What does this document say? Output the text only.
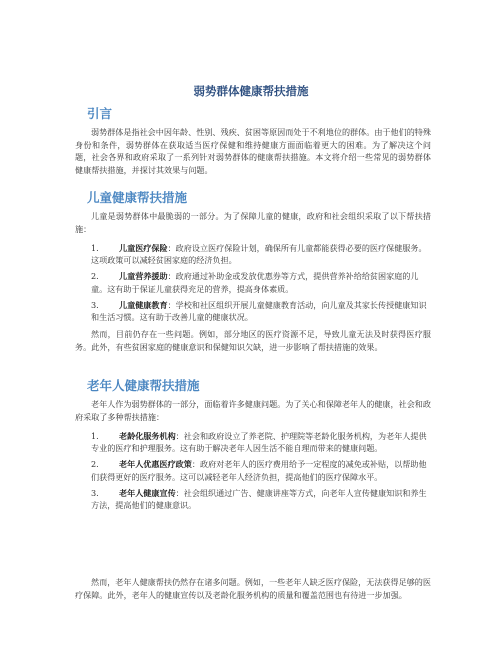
弱势群体健康帮扶措施
引言

弱势群体是指社会中因年龄、性别、残疾、贫困等原因而处于不利地位的群体。由于他们的特殊身份和条件，弱势群体在获取适当医疗保健和维持健康方面面临着更大的困难。为了解决这个问题，社会各界和政府采取了一系列针对弱势群体的健康帮扶措施。本文将介绍一些常见的弱势群体健康帮扶措施，并探讨其效果与问题。

儿童健康帮扶措施

儿童是弱势群体中最脆弱的一部分。为了保障儿童的健康，政府和社会组织采取了以下帮扶措施：

1.	儿童医疗保险：政府设立医疗保险计划，确保所有儿童都能获得必要的医疗保健服务。这项政策可以减轻贫困家庭的经济负担。
2.	儿童营养援助：政府通过补助金或发放优惠券等方式，提供营养补给给贫困家庭的儿童。这有助于保证儿童获得充足的营养，提高身体素质。
3.	儿童健康教育：学校和社区组织开展儿童健康教育活动，向儿童及其家长传授健康知识和生活习惯。这有助于改善儿童的健康状况。

然而，目前仍存在一些问题。例如，部分地区的医疗资源不足，导致儿童无法及时获得医疗服务。此外，有些贫困家庭的健康意识和保健知识欠缺，进一步影响了帮扶措施的效果。

老年人健康帮扶措施

老年人作为弱势群体的一部分，面临着许多健康问题。为了关心和保障老年人的健康，社会和政府采取了多种帮扶措施：

1.	老龄化服务机构：社会和政府设立了养老院、护理院等老龄化服务机构，为老年人提供专业的医疗和护理服务。这有助于解决老年人因生活不能自理而带来的健康问题。
2.	老年人优惠医疗政策：政府对老年人的医疗费用给予一定程度的减免或补贴，以帮助他们获得更好的医疗服务。这可以减轻老年人经济负担，提高他们的医疗保障水平。
3.	老年人健康宣传：社会组织通过广告、健康讲座等方式，向老年人宣传健康知识和养生方法，提高他们的健康意识。

然而，老年人健康帮扶仍然存在诸多问题。例如，一些老年人缺乏医疗保险，无法获得足够的医疗保障。此外，老年人的健康宣传以及老龄化服务机构的质量和覆盖范围也有待进一步加强。
